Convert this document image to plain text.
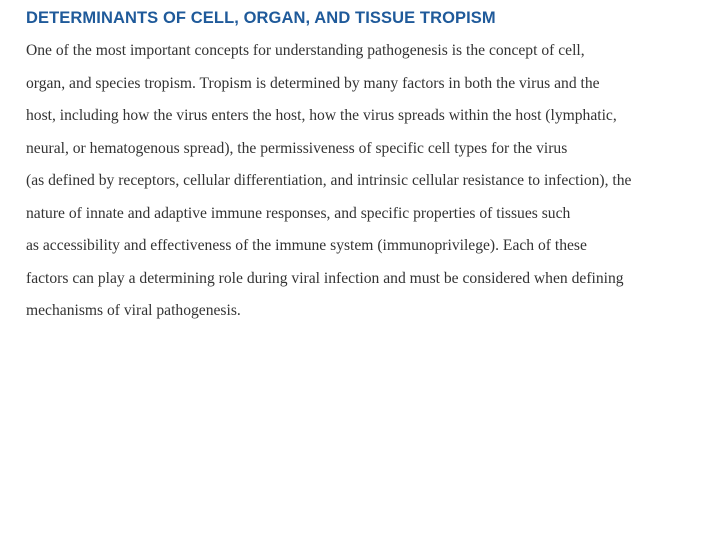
DETERMINANTS OF CELL, ORGAN, AND TISSUE TROPISM

One of the most important concepts for understanding pathogenesis is the concept of cell,
organ, and species tropism. Tropism is determined by many factors in both the virus and the
host, including how the virus enters the host, how the virus spreads within the host (lymphatic,
neural, or hematogenous spread), the permissiveness of specific cell types for the virus
(as defined by receptors, cellular differentiation, and intrinsic cellular resistance to infection), the
nature of innate and adaptive immune responses, and specific properties of tissues such
as accessibility and effectiveness of the immune system (immunoprivilege). Each of these
factors can play a determining role during viral infection and must be considered when defining
mechanisms of viral pathogenesis.
